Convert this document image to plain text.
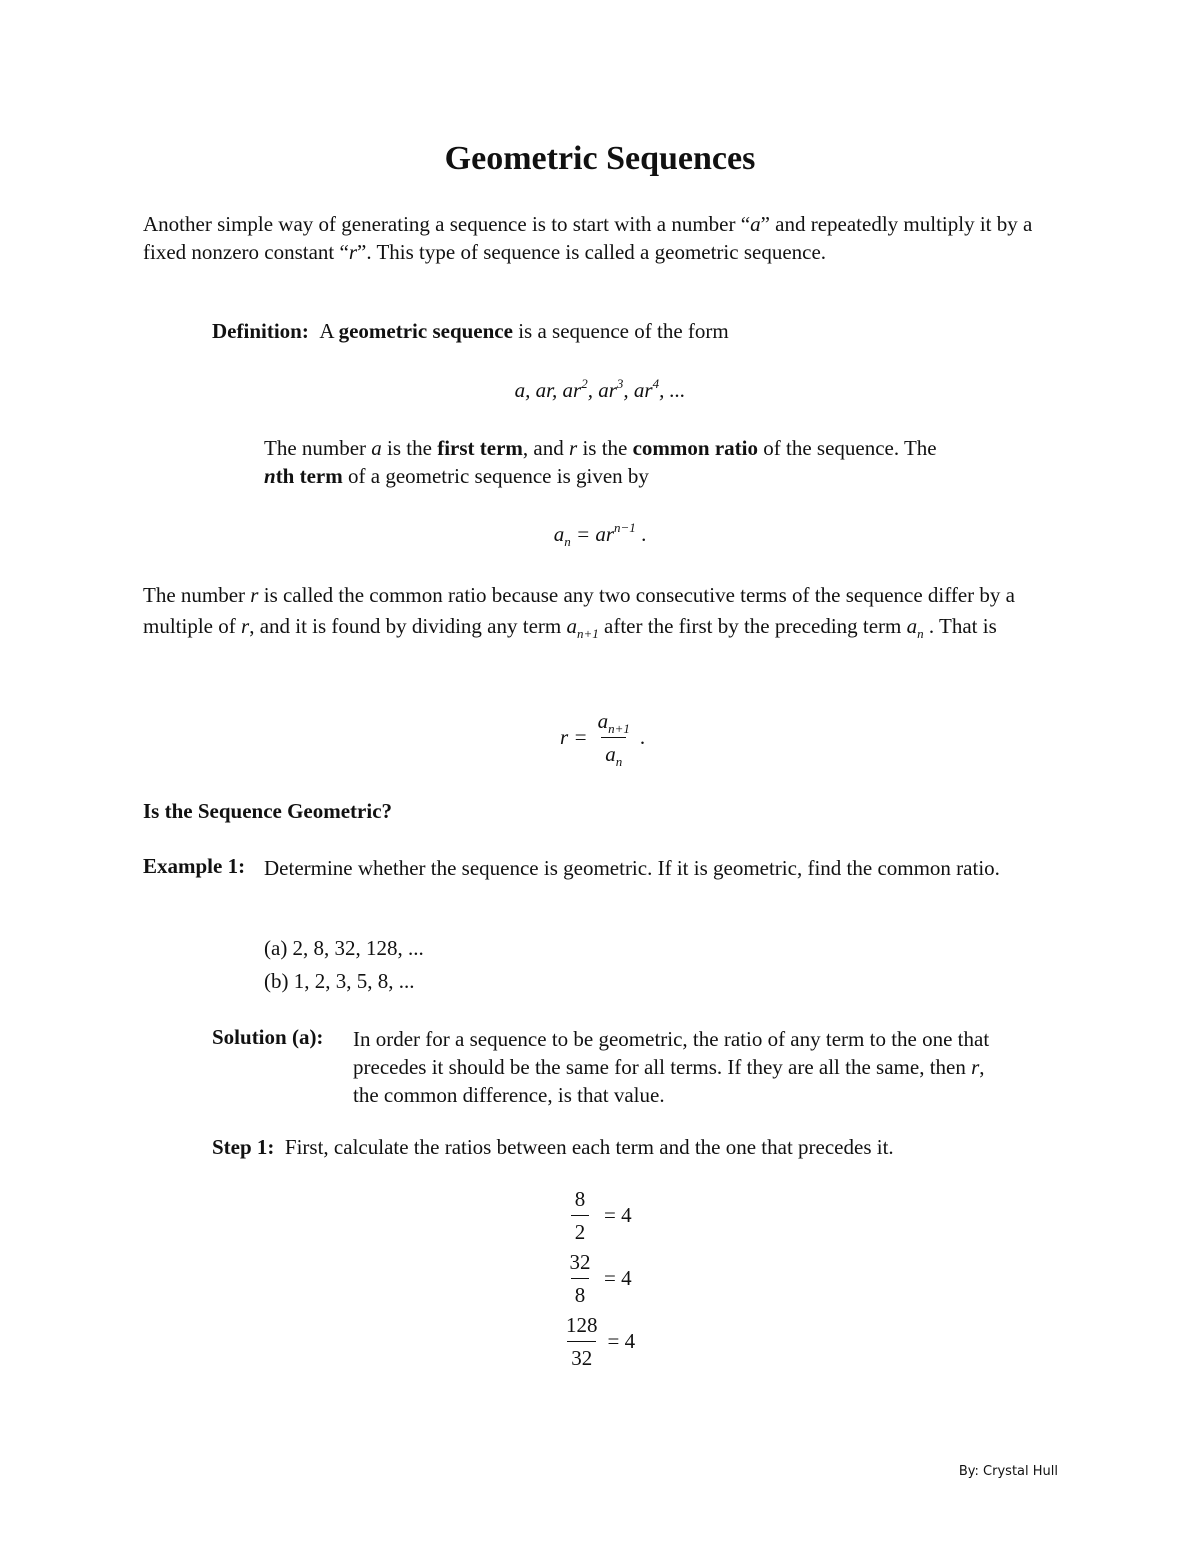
Geometric Sequences
Another simple way of generating a sequence is to start with a number “a” and repeatedly multiply it by a fixed nonzero constant “r”. This type of sequence is called a geometric sequence.
Definition: A geometric sequence is a sequence of the form
a, ar, $ar^2$, $ar^3$, $ar^4$, ...
The number a is the first term, and r is the common ratio of the sequence. The
nth term of a geometric sequence is given by
$a_n = ar^{n-1}$ .
The number r is called the common ratio because any two consecutive terms of the sequence differ by a multiple of r, and it is found by dividing any term $a_{n+1}$ after the first by the preceding term $a_n$ . That is
$r = \frac{a_{n+1}}{a_n}$ .
Is the Sequence Geometric?
Example 1: Determine whether the sequence is geometric. If it is geometric, find the common ratio.
(a) 2, 8, 32, 128, ...
(b) 1, 2, 3, 5, 8, ...
Solution (a): In order for a sequence to be geometric, the ratio of any term to the one that precedes it should be the same for all terms. If they are all the same, then r, the common difference, is that value.
Step 1: First, calculate the ratios between each term and the one that precedes it.
$\frac{8}{2} = 4$
$\frac{32}{8} = 4$
$\frac{128}{32} = 4$
By: Crystal Hull
